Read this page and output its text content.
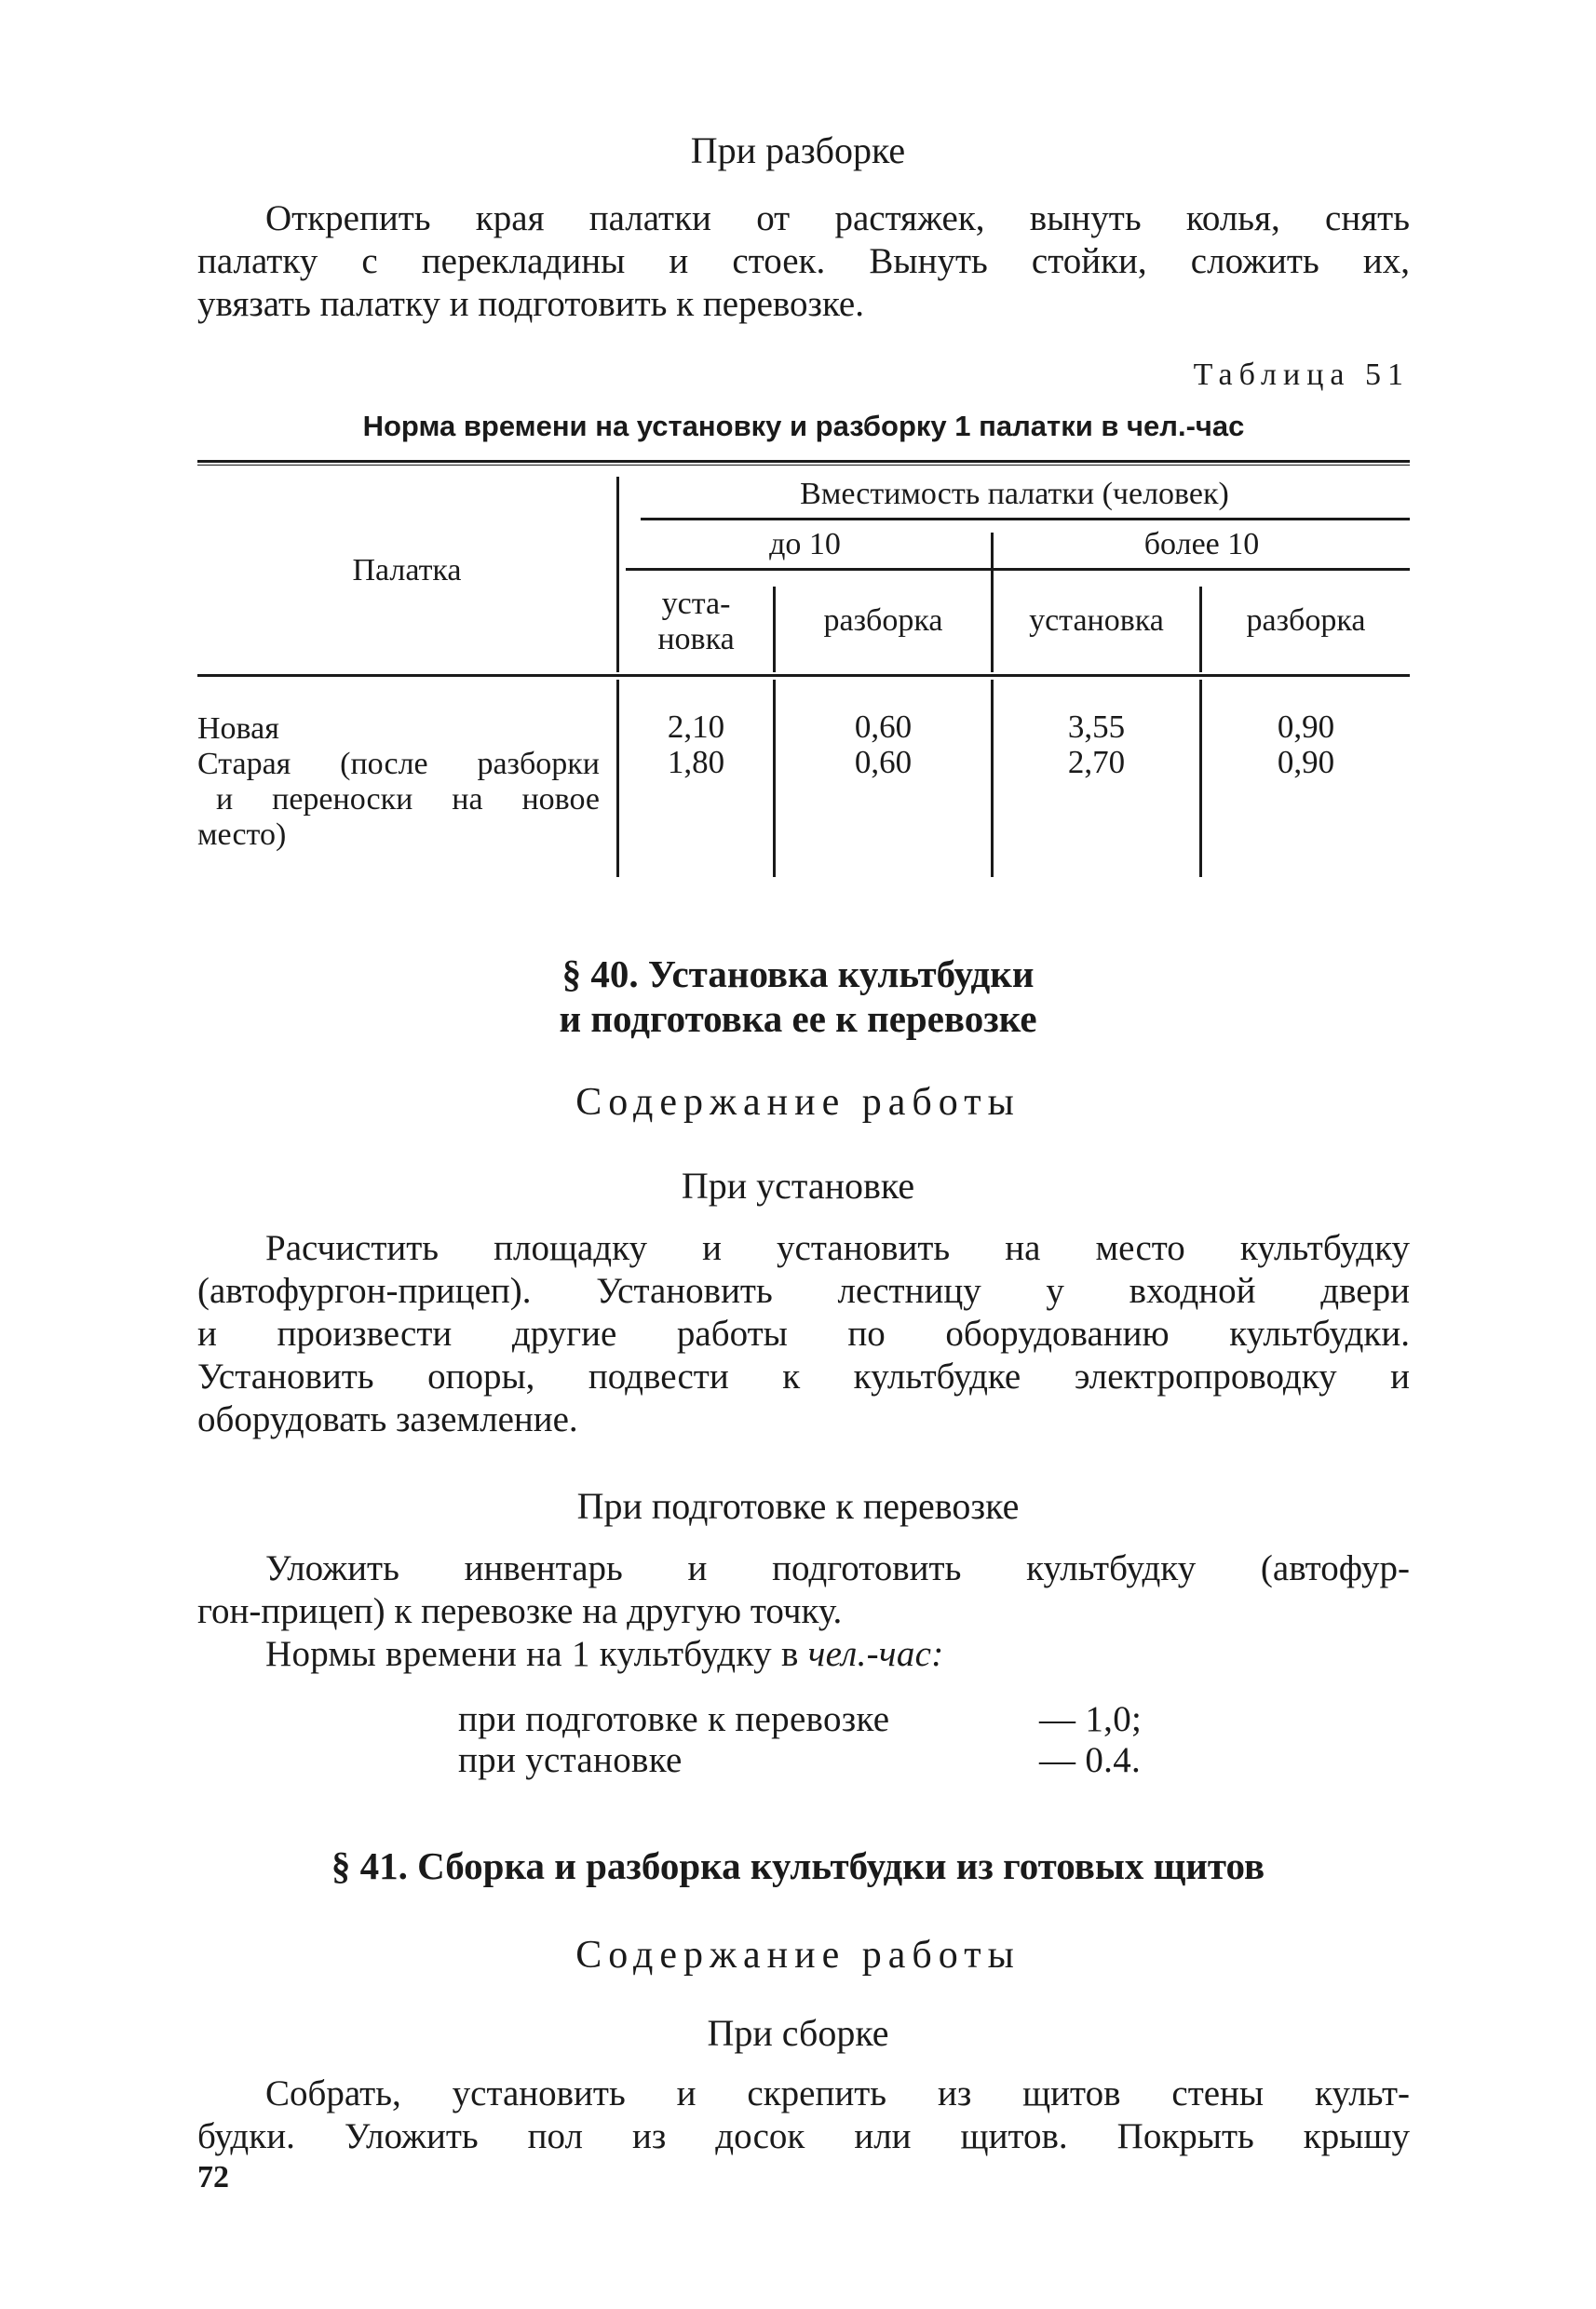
При разборке
Открепить края палатки от растяжек, вынуть колья, снять
палатку с перекладины и стоек. Вынуть стойки, сложить их,
увязать палатку и подготовить к перевозке.
Таблица 51
Норма времени на установку и разборку 1 палатки в чел.-час
Палатка
Вместимость палатки (человек)
до 10	более 10
уста-
новка
разборка	установка	разборка
Новая	2,10	0,60	3,55	0,90
Старая (после разборки
и переноски на новое
место)
1,80	0,60	2,70	0,90
§ 40. Установка культбудки
и подготовка ее к перевозке
Содержание работы
При установке
Расчистить площадку и установить на место культбудку
(автофургон-прицеп). Установить лестницу у входной двери
и произвести другие работы по оборудованию культбудки.
Установить опоры, подвести к культбудке электропроводку и
оборудовать заземление.
При подготовке к перевозке
Уложить инвентарь и подготовить культбудку (автофур-
гон-прицеп) к перевозке на другую точку.
Нормы времени на 1 культбудку в чел.-час:
при подготовке к перевозке	— 1,0;
при установке	— 0.4.
§ 41. Сборка и разборка культбудки из готовых щитов
Содержание работы
При сборке
Собрать, установить и скрепить из щитов стены культ-
будки. Уложить пол из досок или щитов. Покрыть крышу
72
